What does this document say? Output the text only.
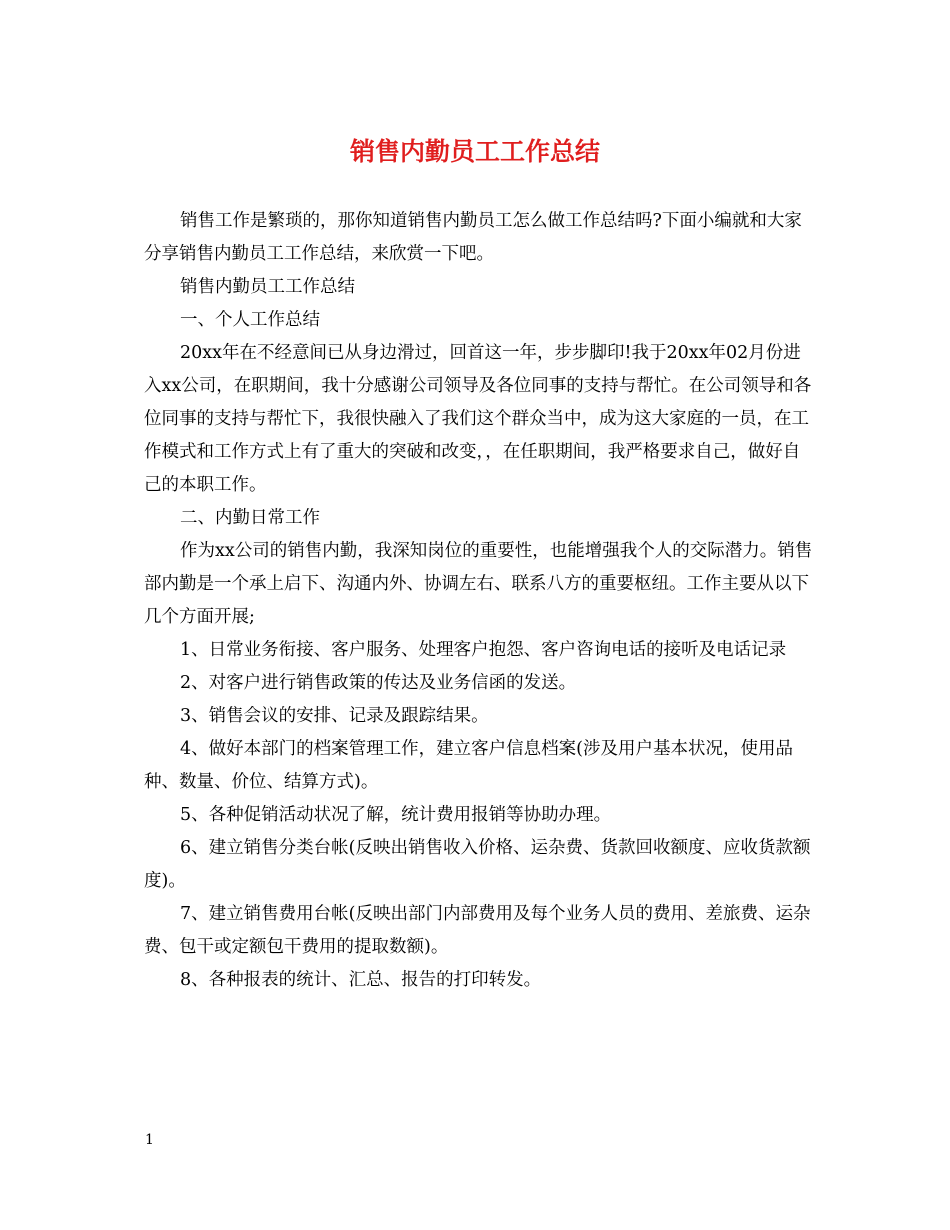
销售内勤员工工作总结

销售工作是繁琐的，那你知道销售内勤员工怎么做工作总结吗?下面小编就和大家分享销售内勤员工工作总结，来欣赏一下吧。

销售内勤员工工作总结

一、个人工作总结

20xx年在不经意间已从身边滑过，回首这一年，步步脚印!我于20xx年02月份进入xx公司，在职期间，我十分感谢公司领导及各位同事的支持与帮忙。在公司领导和各位同事的支持与帮忙下，我很快融入了我们这个群众当中，成为这大家庭的一员，在工作模式和工作方式上有了重大的突破和改变，，在任职期间，我严格要求自己，做好自己的本职工作。

二、内勤日常工作

作为xx公司的销售内勤，我深知岗位的重要性，也能增强我个人的交际潜力。销售部内勤是一个承上启下、沟通内外、协调左右、联系八方的重要枢纽。工作主要从以下几个方面开展;

1、日常业务衔接、客户服务、处理客户抱怨、客户咨询电话的接听及电话记录

2、对客户进行销售政策的传达及业务信函的发送。

3、销售会议的安排、记录及跟踪结果。

4、做好本部门的档案管理工作，建立客户信息档案(涉及用户基本状况，使用品种、数量、价位、结算方式)。

5、各种促销活动状况了解，统计费用报销等协助办理。

6、建立销售分类台帐(反映出销售收入价格、运杂费、货款回收额度、应收货款额度)。

7、建立销售费用台帐(反映出部门内部费用及每个业务人员的费用、差旅费、运杂费、包干或定额包干费用的提取数额)。

8、各种报表的统计、汇总、报告的打印转发。

1
